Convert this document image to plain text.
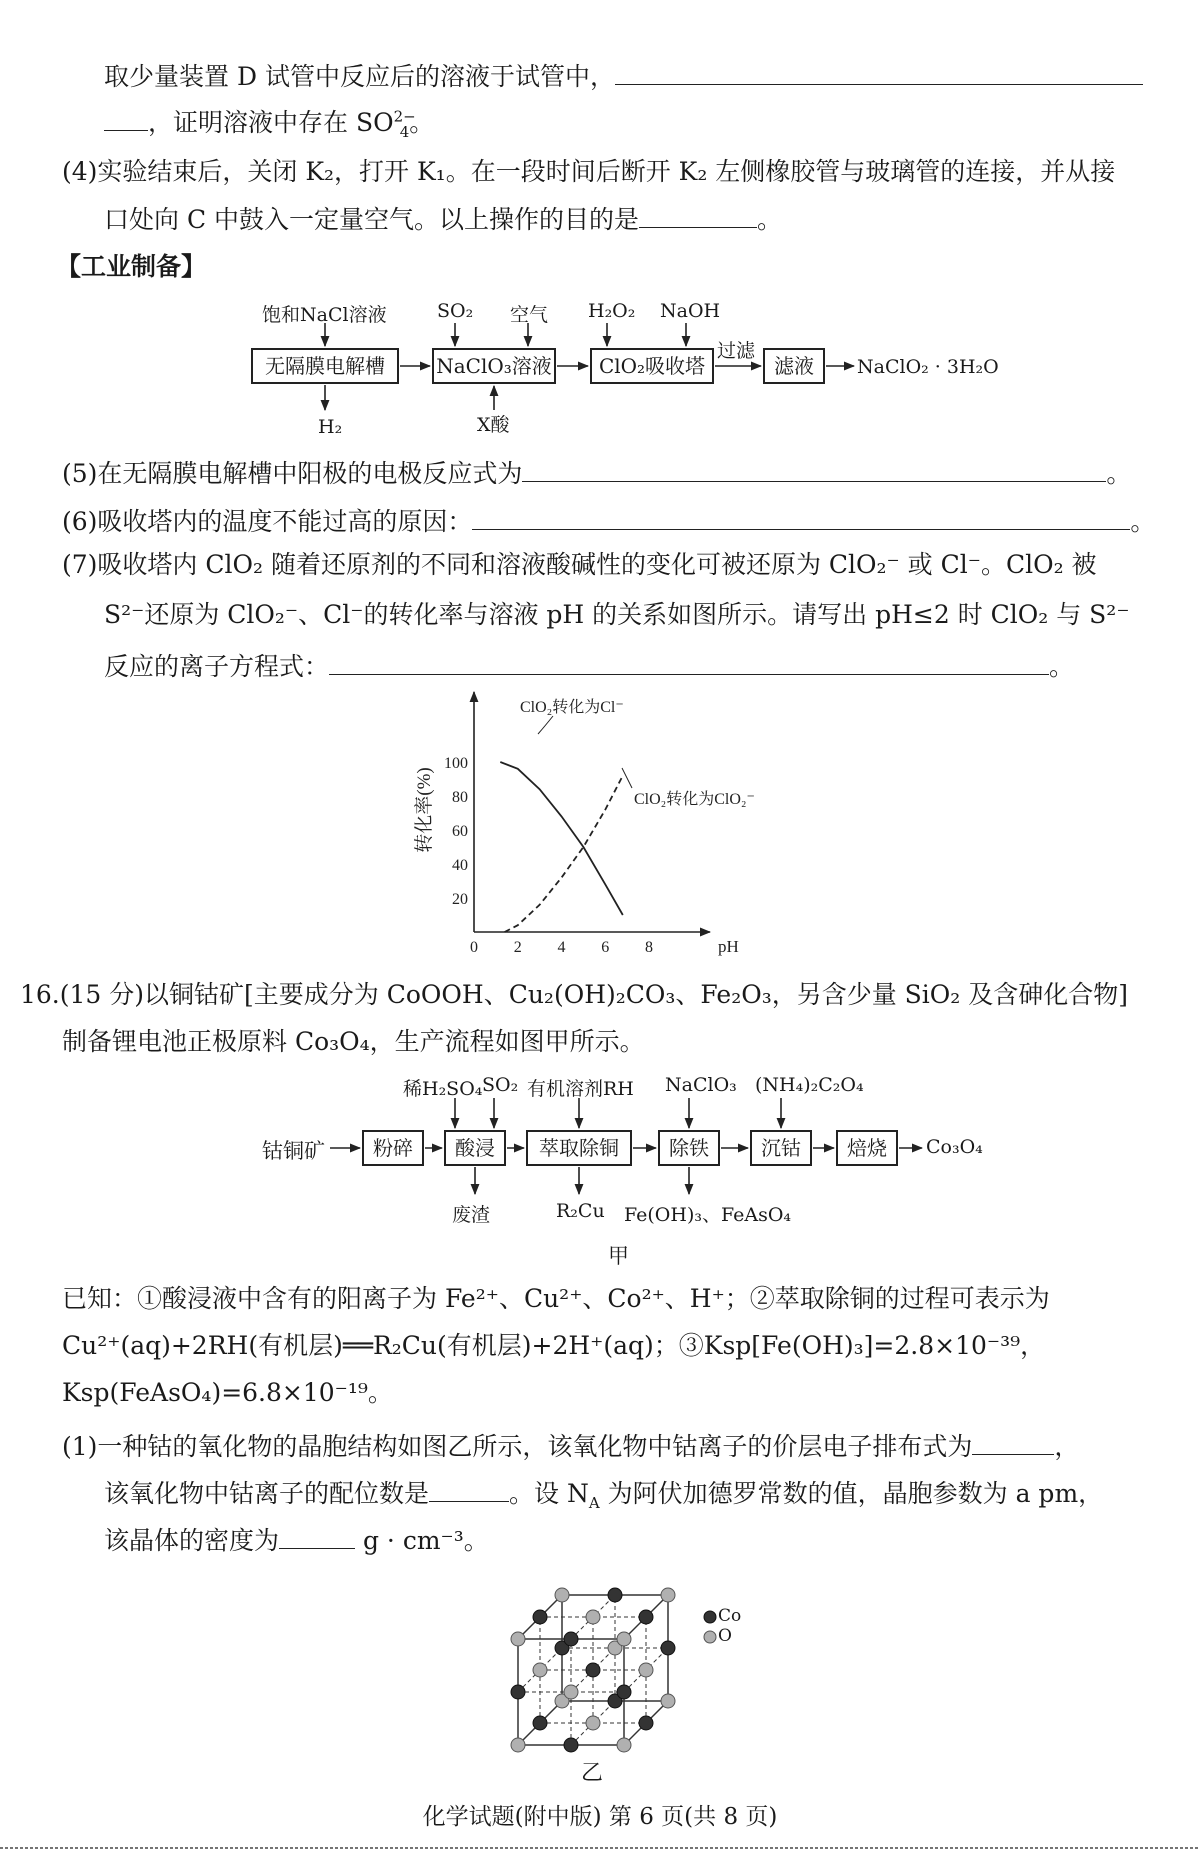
取少量装置 D 试管中反应后的溶液于试管中，
，证明溶液中存在 $SO^{2-}_4$。
(4)实验结束后，关闭 K₂，打开 K₁。在一段时间后断开 K₂ 左侧橡胶管与玻璃管的连接，并从接
口处向 C 中鼓入一定量空气。以上操作的目的是	。
【工业制备】
饱和NaCl溶液	SO₂ 空气 H₂O₂ NaOH
无隔膜电解槽	NaClO₃溶液	ClO₂吸收塔	滤液
过滤
NaClO₂ · 3H₂O
H₂	X酸
(5)在无隔膜电解槽中阳极的电极反应式为	。
(6)吸收塔内的温度不能过高的原因：	。
(7)吸收塔内 ClO₂ 随着还原剂的不同和溶液酸碱性的变化可被还原为 ClO₂⁻ 或 Cl⁻。ClO₂ 被
S²⁻还原为 ClO₂⁻、Cl⁻的转化率与溶液 pH 的关系如图所示。请写出 pH≤2 时 ClO₂ 与 S²⁻
反应的离子方程式：	。
16.(15 分)以铜钴矿[主要成分为 CoOOH、Cu₂(OH)₂CO₃、Fe₂O₃，另含少量 SiO₂ 及含砷化合物]
制备锂电池正极原料 Co₃O₄，生产流程如图甲所示。
稀H₂SO₄ SO₂ 有机溶剂RH NaClO₃ (NH₄)₂C₂O₄
钴铜矿	粉碎	酸浸	萃取除铜	除铁	沉钴	焙烧	Co₃O₄
废渣	R₂Cu Fe(OH)₃、FeAsO₄
甲
已知：①酸浸液中含有的阳离子为 Fe²⁺、Cu²⁺、Co²⁺、H⁺；②萃取除铜的过程可表示为
Cu²⁺(aq)+2RH(有机层)══R₂Cu(有机层)+2H⁺(aq)；③Ksp[Fe(OH)₃]=2.8×10⁻³⁹，
Ksp(FeAsO₄)=6.8×10⁻¹⁹。
(1)一种钴的氧化物的晶胞结构如图乙所示，该氧化物中钴离子的价层电子排布式为	，
该氧化物中钴离子的配位数是	。设 $N_A$ 为阿伏加德罗常数的值，晶胞参数为 a pm，
该晶体的密度为	g · cm⁻³。
Co
O
乙
化学试题(附中版) 第 6 页(共 8 页)
转化率(%)
pH
0 2 4 6 8
20
40
60
80
100
ClO₂转化为Cl⁻
ClO₂转化为ClO₂⁻
